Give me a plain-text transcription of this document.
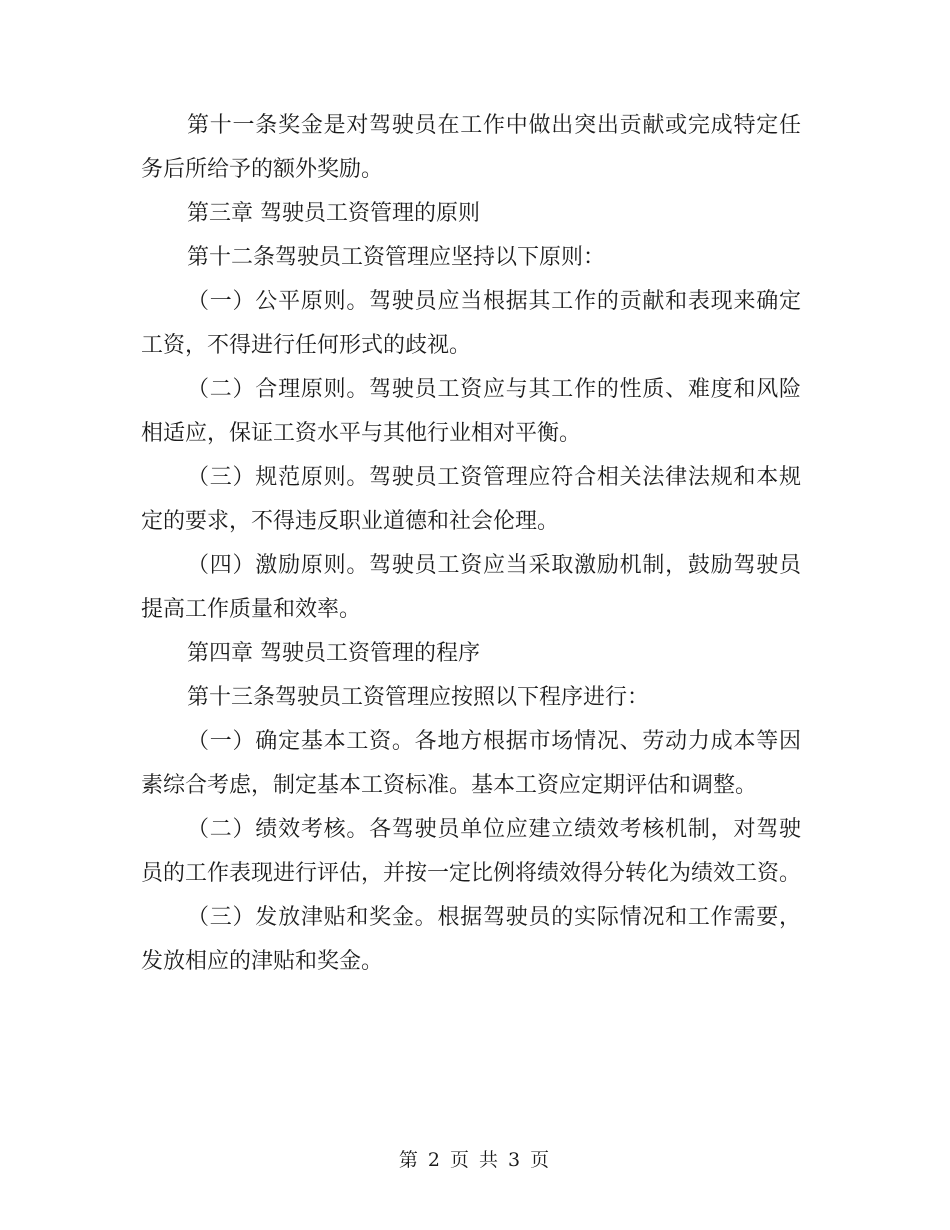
第十一条奖金是对驾驶员在工作中做出突出贡献或完成特定任务后所给予的额外奖励。

第三章 驾驶员工资管理的原则

第十二条驾驶员工资管理应坚持以下原则：

（一）公平原则。驾驶员应当根据其工作的贡献和表现来确定工资，不得进行任何形式的歧视。

（二）合理原则。驾驶员工资应与其工作的性质、难度和风险相适应，保证工资水平与其他行业相对平衡。

（三）规范原则。驾驶员工资管理应符合相关法律法规和本规定的要求，不得违反职业道德和社会伦理。

（四）激励原则。驾驶员工资应当采取激励机制，鼓励驾驶员提高工作质量和效率。

第四章 驾驶员工资管理的程序

第十三条驾驶员工资管理应按照以下程序进行：

（一）确定基本工资。各地方根据市场情况、劳动力成本等因素综合考虑，制定基本工资标准。基本工资应定期评估和调整。

（二）绩效考核。各驾驶员单位应建立绩效考核机制，对驾驶员的工作表现进行评估，并按一定比例将绩效得分转化为绩效工资。

（三）发放津贴和奖金。根据驾驶员的实际情况和工作需要，发放相应的津贴和奖金。

第 2 页 共 3 页
